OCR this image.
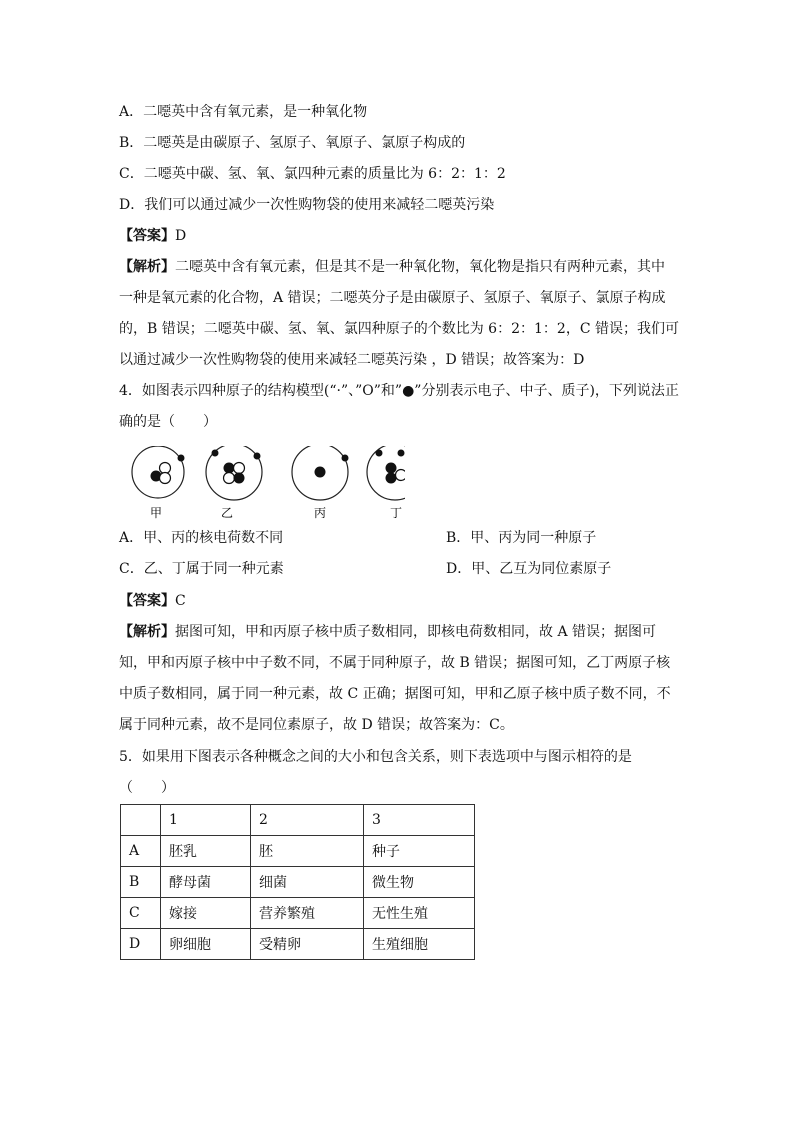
A．二噁英中含有氧元素，是一种氧化物
B．二噁英是由碳原子、氢原子、氧原子、氯原子构成的
C．二噁英中碳、氢、氧、氯四种元素的质量比为 6：2：1：2
D．我们可以通过减少一次性购物袋的使用来减轻二噁英污染
【答案】D
【解析】二噁英中含有氧元素，但是其不是一种氧化物，氧化物是指只有两种元素，其中
一种是氧元素的化合物，A 错误；二噁英分子是由碳原子、氢原子、氧原子、氯原子构成
的，B 错误；二噁英中碳、氢、氧、氯四种原子的个数比为 6：2：1：2，C 错误；我们可
以通过减少一次性购物袋的使用来减轻二噁英污染 ，D 错误；故答案为：D
4．如图表示四种原子的结构模型(“·”、”O”和”●”分别表示电子、中子、质子)，下列说法正
确的是（　　）
甲	乙	丙	丁
A．甲、丙的核电荷数不同	B．甲、丙为同一种原子
C．乙、丁属于同一种元素	D．甲、乙互为同位素原子
【答案】C
【解析】据图可知，甲和丙原子核中质子数相同，即核电荷数相同，故 A 错误；据图可
知，甲和丙原子核中中子数不同，不属于同种原子，故 B 错误；据图可知，乙丁两原子核
中质子数相同，属于同一种元素，故 C 正确；据图可知，甲和乙原子核中质子数不同，不
属于同种元素，故不是同位素原子，故 D 错误；故答案为：C。
5．如果用下图表示各种概念之间的大小和包含关系，则下表选项中与图示相符的是
（　　）
	1	2	3
A	胚乳	胚	种子
B	酵母菌	细菌	微生物
C	嫁接	营养繁殖	无性生殖
D	卵细胞	受精卵	生殖细胞
